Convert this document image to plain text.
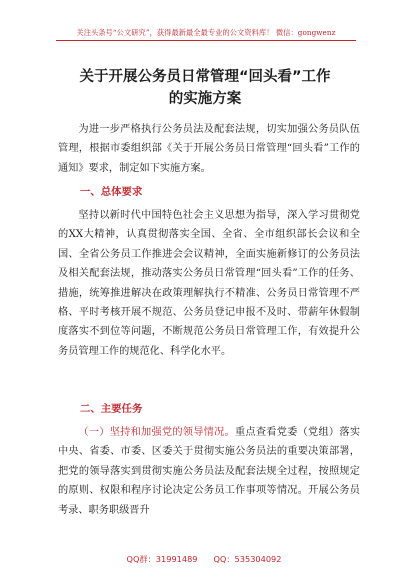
关注头条号“公文研究”，获得最新最全最专业的公文资料库！ 微信：gongwenz
关于开展公务员日常管理“回头看”工作
的实施方案

为进一步严格执行公务员法及配套法规，切实加强公务员队伍管理，根据市委组织部《关于开展公务员日常管理“回头看”工作的通知》要求，制定如下实施方案。

一、总体要求

坚持以新时代中国特色社会主义思想为指导，深入学习贯彻党的XX大精神，认真贯彻落实全国、全省、全市组织部长会议和全国、全省公务员工作推进会会议精神，全面实施新修订的公务员法及相关配套法规，推动落实公务员日常管理“回头看”工作的任务、措施，统筹推进解决在政策理解执行不精准、公务员日常管理不严格、平时考核开展不规范、公务员登记申报不及时、带薪年休假制度落实不到位等问题，不断规范公务员日常管理工作，有效提升公务员管理工作的规范化、科学化水平。

二、主要任务

（一）坚持和加强党的领导情况。重点查看党委（党组）落实中央、省委、市委、区委关于贯彻实施公务员法的重要决策部署，把党的领导落实到贯彻实施公务员法及配套法规全过程，按照规定的原则、权限和程序讨论决定公务员工作事项等情况。开展公务员考录、职务职级晋升

QQ群：31991489 QQ：535304092
